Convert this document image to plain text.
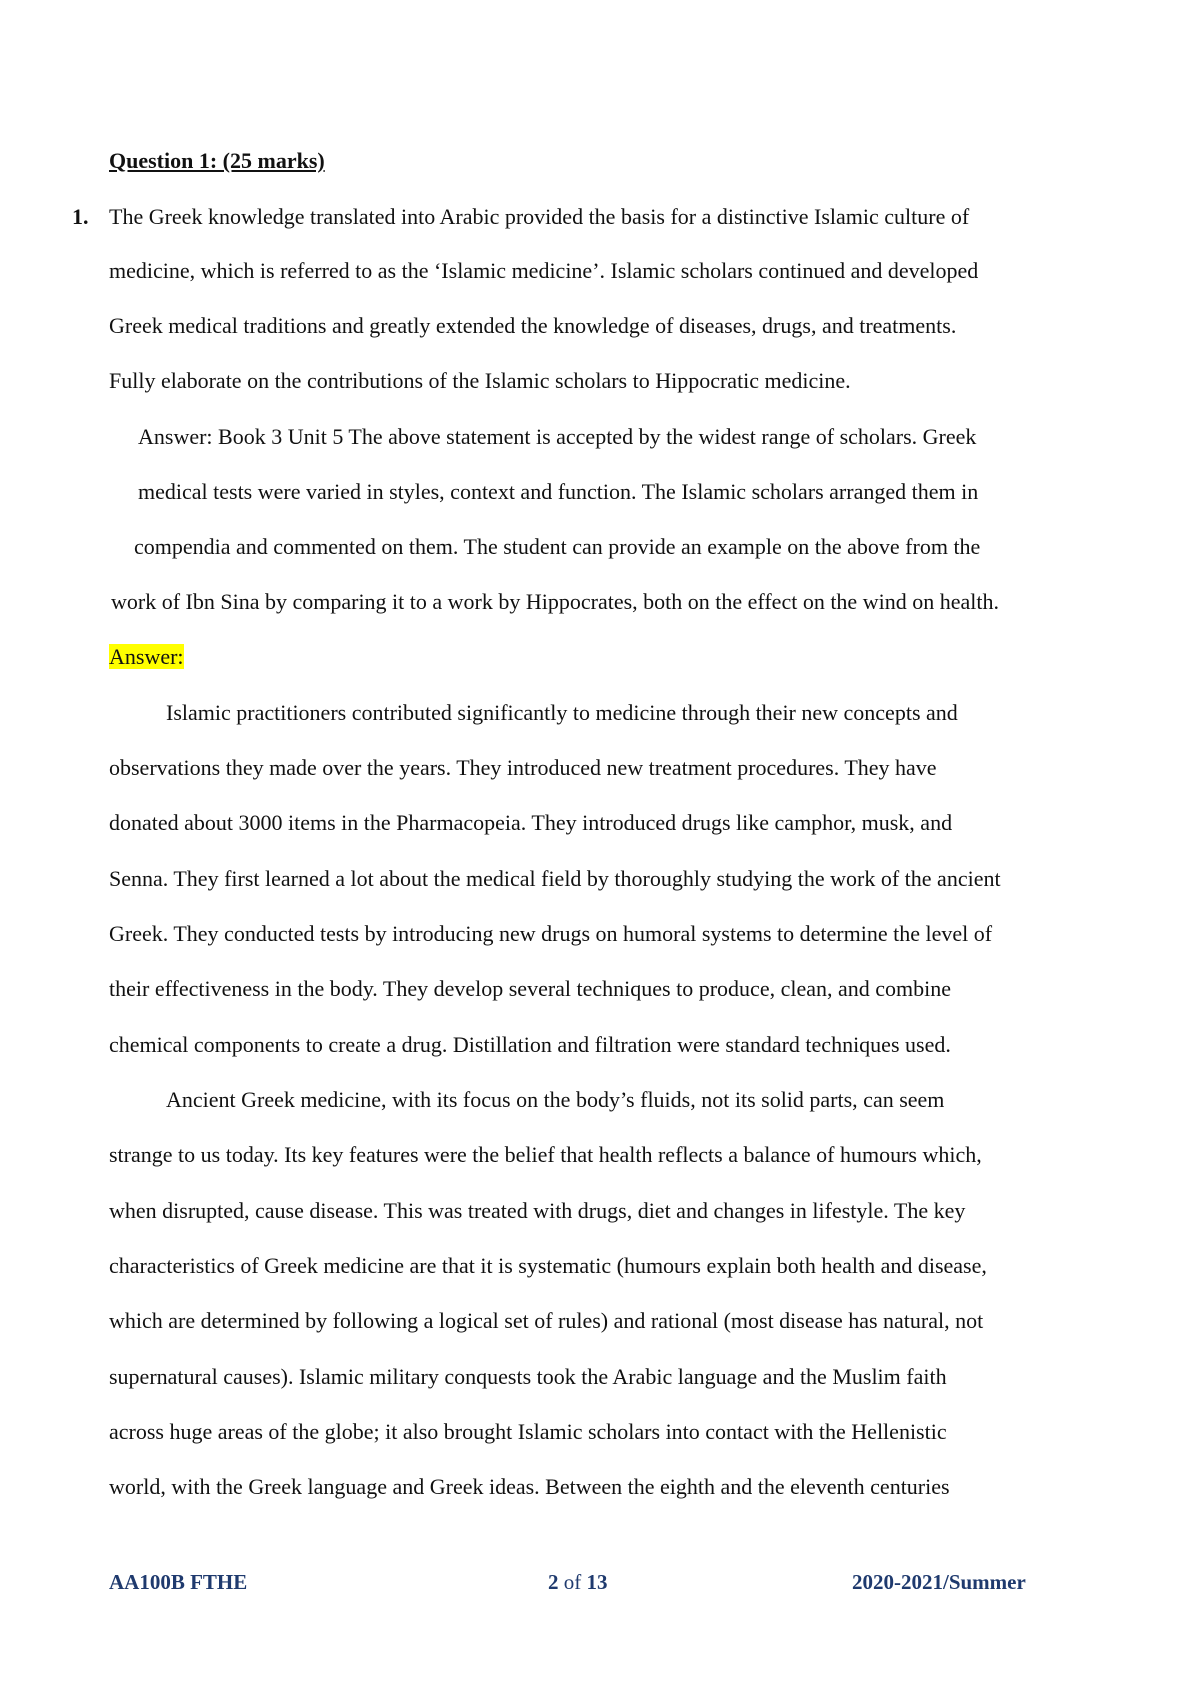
Question 1: (25 marks)
1. The Greek knowledge translated into Arabic provided the basis for a distinctive Islamic culture of
medicine, which is referred to as the ‘Islamic medicine’. Islamic scholars continued and developed
Greek medical traditions and greatly extended the knowledge of diseases, drugs, and treatments.
Fully elaborate on the contributions of the Islamic scholars to Hippocratic medicine.
Answer: Book 3 Unit 5 The above statement is accepted by the widest range of scholars. Greek
medical tests were varied in styles, context and function. The Islamic scholars arranged them in
compendia and commented on them. The student can provide an example on the above from the
work of Ibn Sina by comparing it to a work by Hippocrates, both on the effect on the wind on health.
Answer:
Islamic practitioners contributed significantly to medicine through their new concepts and
observations they made over the years. They introduced new treatment procedures. They have
donated about 3000 items in the Pharmacopeia. They introduced drugs like camphor, musk, and
Senna. They first learned a lot about the medical field by thoroughly studying the work of the ancient
Greek. They conducted tests by introducing new drugs on humoral systems to determine the level of
their effectiveness in the body. They develop several techniques to produce, clean, and combine
chemical components to create a drug. Distillation and filtration were standard techniques used.
Ancient Greek medicine, with its focus on the body’s fluids, not its solid parts, can seem
strange to us today. Its key features were the belief that health reflects a balance of humours which,
when disrupted, cause disease. This was treated with drugs, diet and changes in lifestyle. The key
characteristics of Greek medicine are that it is systematic (humours explain both health and disease,
which are determined by following a logical set of rules) and rational (most disease has natural, not
supernatural causes). Islamic military conquests took the Arabic language and the Muslim faith
across huge areas of the globe; it also brought Islamic scholars into contact with the Hellenistic
world, with the Greek language and Greek ideas. Between the eighth and the eleventh centuries
AA100B FTHE	2 of 13	2020-2021/Summer
